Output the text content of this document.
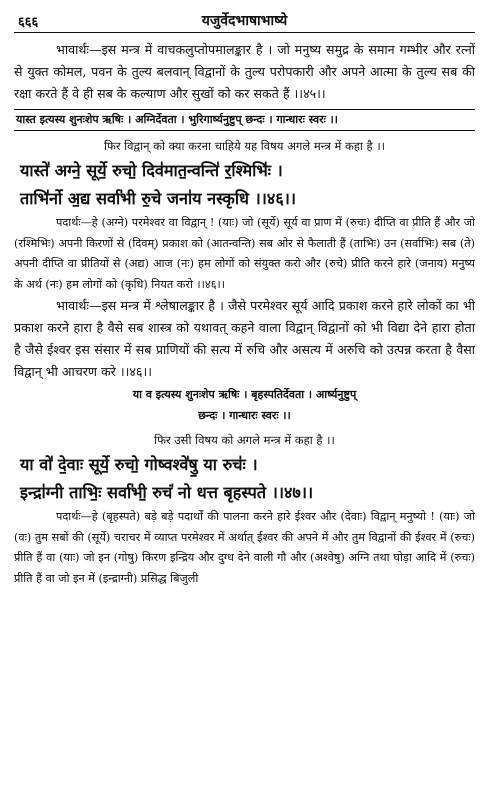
६६६	यजुर्वेदभाषाभाष्ये

भावार्थः—इस मन्त्र में वाचकलुप्तोपमालङ्कार है । जो मनुष्य समुद्र के समान गम्भीर और रत्नों से युक्त कोमल, पवन के तुल्य बलवान् विद्वानों के तुल्य परोपकारी और अपने आत्मा के तुल्य सब की रक्षा करते हैं वे ही सब के कल्याण और सुखों को कर सकते हैं ।।४५।।

यास्त इत्यस्य शुनःशेप ऋषिः । अग्निर्देवता । भुरिगार्ष्यनुष्टुप् छन्दः । गान्धारः स्वरः ।।
फिर विद्वान् को क्या करना चाहिये यह विषय अगले मन्त्र में कहा है ।।
यास्ते॑ अग्ने॒ सूर्ये॒ रुचो॒ दिव॑मात॒न्वन्ति॑ र॒श्मिभिः॑ ।
ताभि॑र्नो अ॒द्य सर्वा॑भी रु॒चे जना॑य नस्कृधि ।।४६।।

पदार्थः—हे (अग्ने) परमेश्वर वा विद्वान् ! (याः) जो (सूर्ये) सूर्य वा प्राण में (रुचः) दीप्ति वा प्रीति हैं और जो (रश्मिभिः) अपनी किरणों से (दिवम्) प्रकाश को (आतन्वन्ति) सब ओर से फैलाती हैं (ताभिः) उन (सर्वाभिः) सब (ते) अपनी दीप्ति वा प्रीतियों से (अद्य) आज (नः) हम लोगों को संयुक्त करो और (रुचे) प्रीति करने हारे (जनाय) मनुष्य के अर्थ (नः) हम लोगों को (कृधि) नियत करो ।।४६।।

भावार्थः—इस मन्त्र में श्लेषालङ्कार है । जैसे परमेश्वर सूर्य आदि प्रकाश करने हारे लोकों का भी प्रकाश करने हारा है वैसे सब शास्त्र को यथावत् कहने वाला विद्वान् विद्वानों को भी विद्या देने हारा होता है जैसे ईश्वर इस संसार में सब प्राणियों की सत्य में रुचि और असत्य में अरुचि को उत्पन्न करता है वैसा विद्वान् भी आचरण करे ।।४६।।

या व इत्यस्य शुनःशेप ऋषिः । बृहस्पतिर्देवता । आर्ष्यनुष्टुप्
छन्दः । गान्धारः स्वरः ।।
फिर उसी विषय को अगले मन्त्र में कहा है ।।
या वो॑ दे॒वाः सूर्ये॒ रुचो॒ गोष्वश्वे॑षु॒ या रुचः॑ ।
इन्द्रा॑ग्नी ताभिः॒ सर्वा॑भी॒ रुचं॑ नो धत्त बृहस्पते ।।४७।।

पदार्थः—हे (बृहस्पते) बड़े बड़े पदार्थों की पालना करने हारे ईश्वर और (देवाः) विद्वान् मनुष्यो ! (याः) जो (वः) तुम सबों की (सूर्ये) चराचर में व्याप्त परमेश्वर में अर्थात् ईश्वर की अपने में और तुम विद्वानों की ईश्वर में (रुचः) प्रीति हैं वा (याः) जो इन (गोषु) किरण इन्द्रिय और दुग्ध देने वाली गौ और (अश्वेषु) अग्नि तथा घोड़ा आदि में (रुचः) प्रीति हैं वा जो इन में (इन्द्राग्नी) प्रसिद्ध बिजुली
